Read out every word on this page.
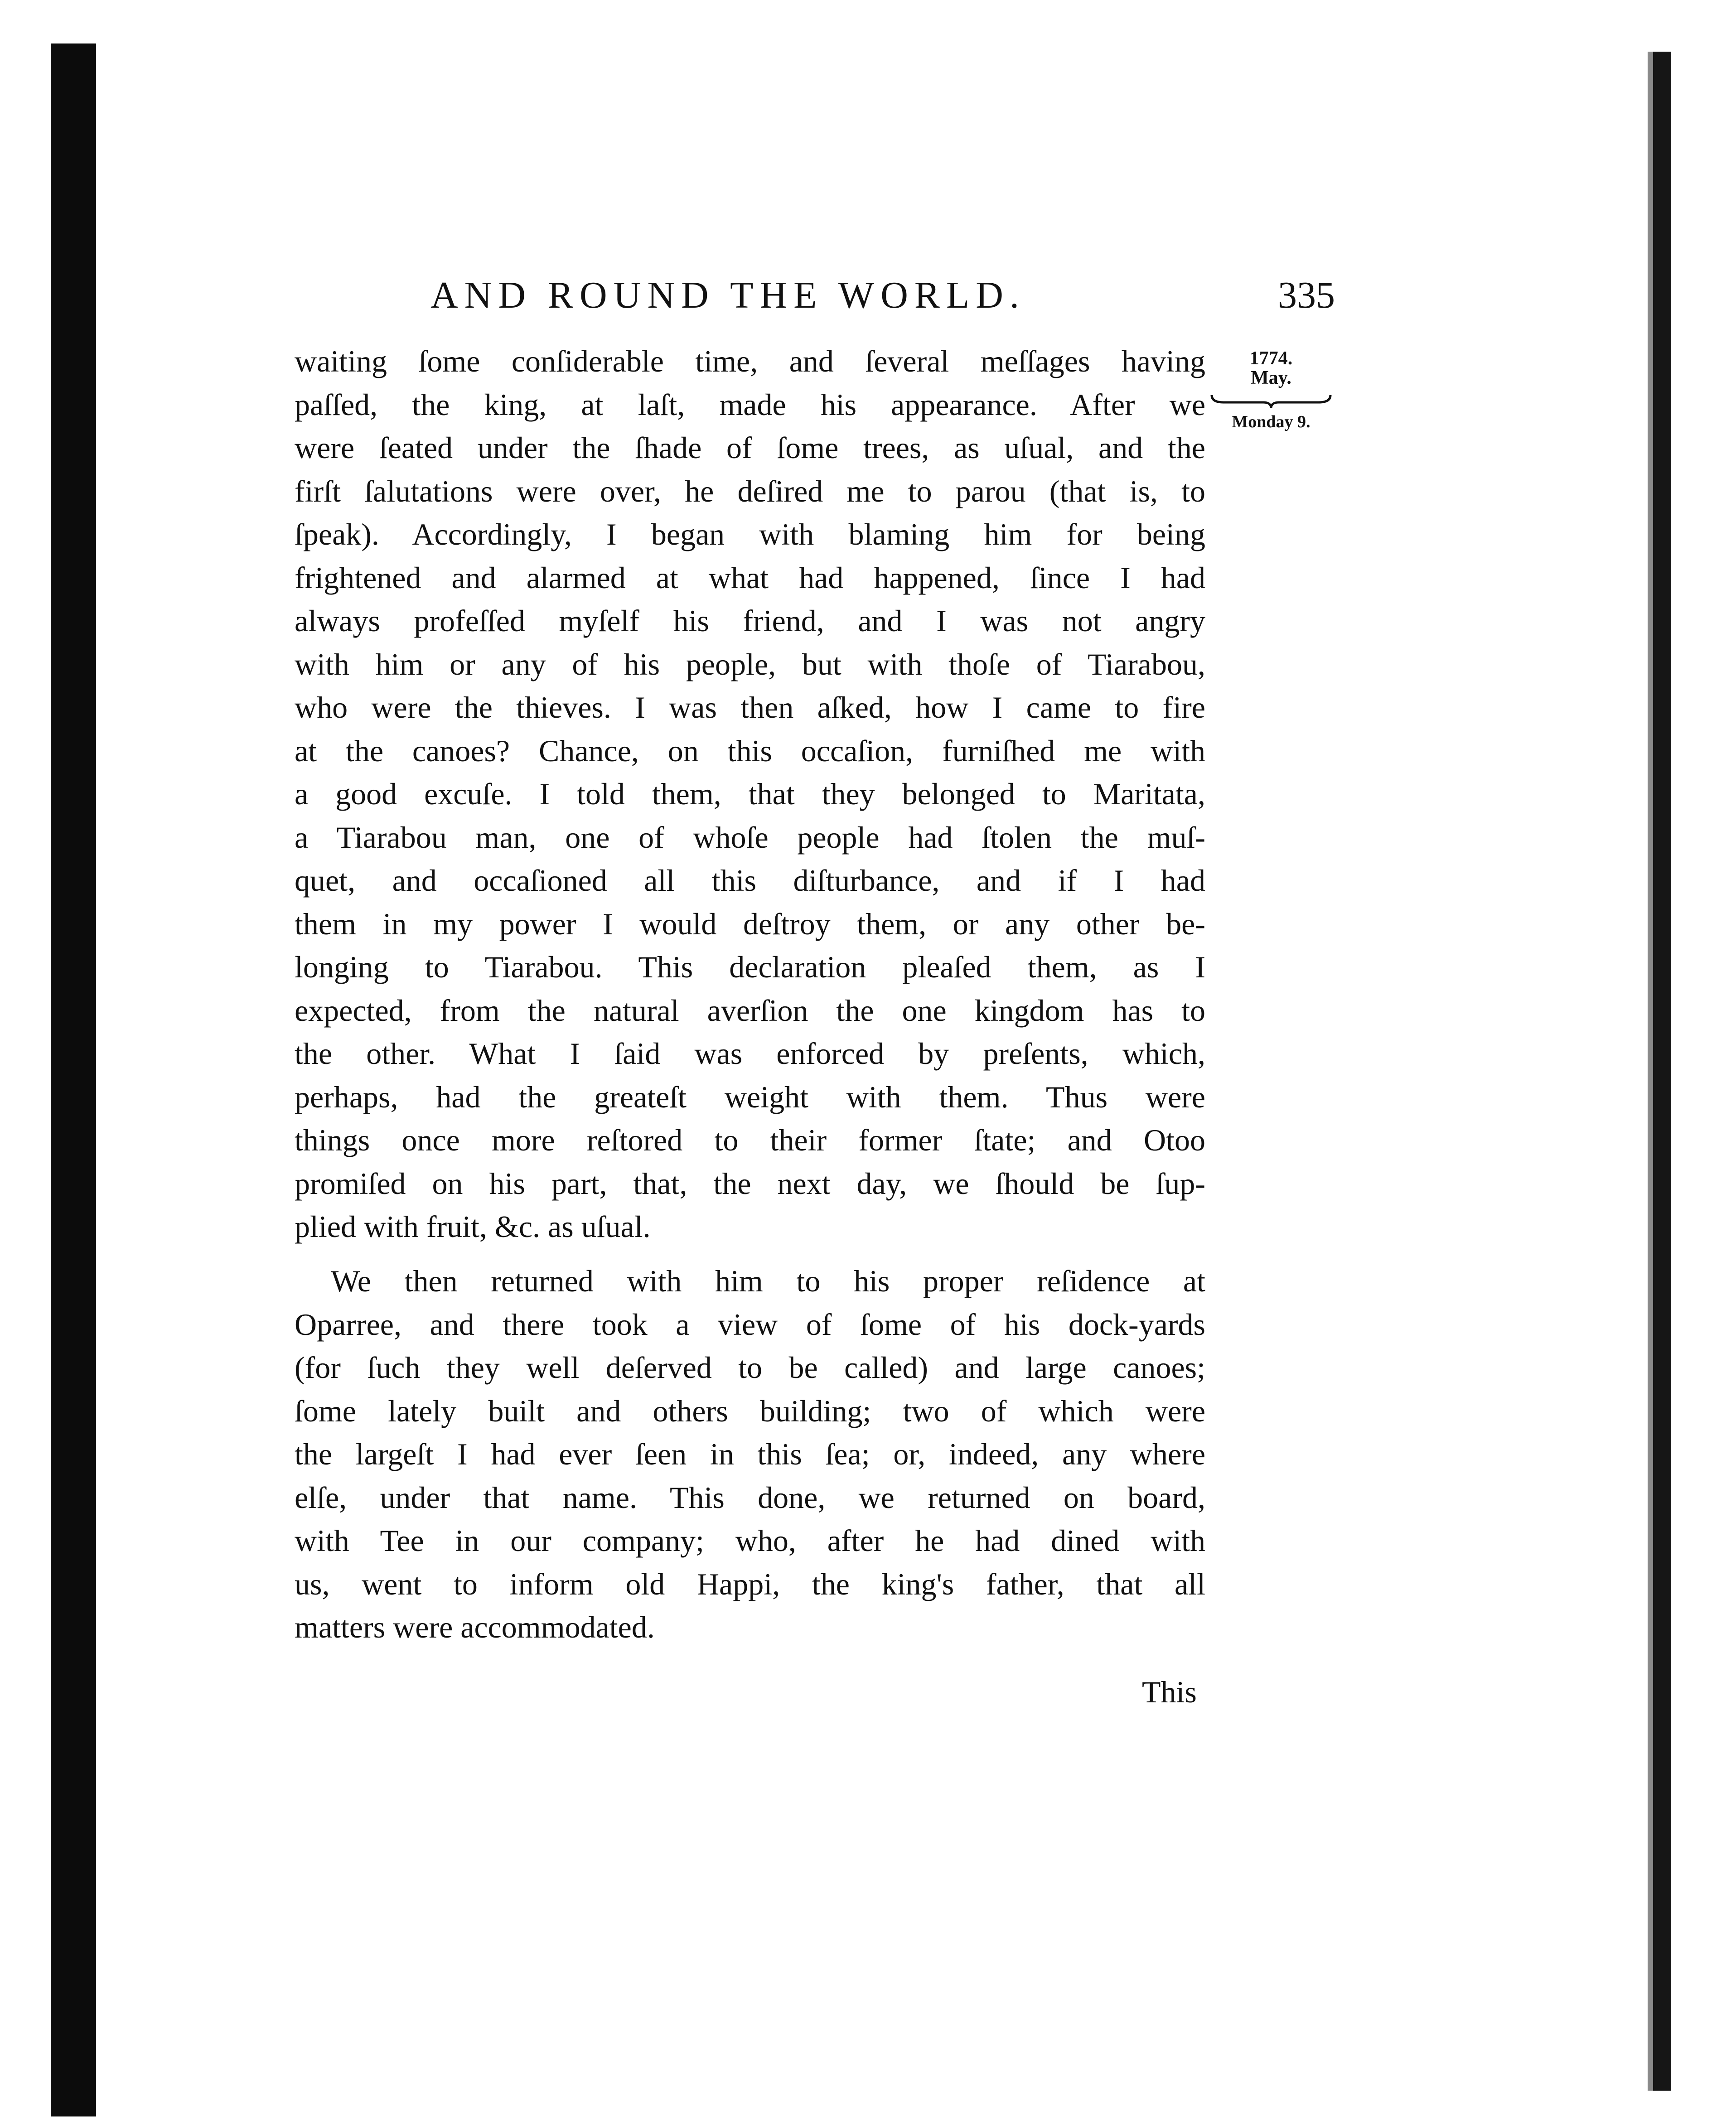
AND ROUND THE WORLD.	335
1774.
May.
Monday 9.
waiting ſome conſiderable time, and ſeveral meſſages having
paſſed, the king, at laſt, made his appearance. After we
were ſeated under the ſhade of ſome trees, as uſual, and the
firſt ſalutations were over, he deſired me to parou (that is, to
ſpeak). Accordingly, I began with blaming him for being
frightened and alarmed at what had happened, ſince I had
always profeſſed myſelf his friend, and I was not angry
with him or any of his people, but with thoſe of Tiarabou,
who were the thieves. I was then aſked, how I came to fire
at the canoes? Chance, on this occaſion, furniſhed me with
a good excuſe. I told them, that they belonged to Maritata,
a Tiarabou man, one of whoſe people had ſtolen the muſ-
quet, and occaſioned all this diſturbance, and if I had
them in my power I would deſtroy them, or any other be-
longing to Tiarabou. This declaration pleaſed them, as I
expected, from the natural averſion the one kingdom has to
the other. What I ſaid was enforced by preſents, which,
perhaps, had the greateſt weight with them. Thus were
things once more reſtored to their former ſtate; and Otoo
promiſed on his part, that, the next day, we ſhould be ſup-
plied with fruit, &c. as uſual.
We then returned with him to his proper reſidence at
Oparree, and there took a view of ſome of his dock-yards
(for ſuch they well deſerved to be called) and large canoes;
ſome lately built and others building; two of which were
the largeſt I had ever ſeen in this ſea; or, indeed, any where
elſe, under that name. This done, we returned on board,
with Tee in our company; who, after he had dined with
us, went to inform old Happi, the king's father, that all
matters were accommodated.
This
